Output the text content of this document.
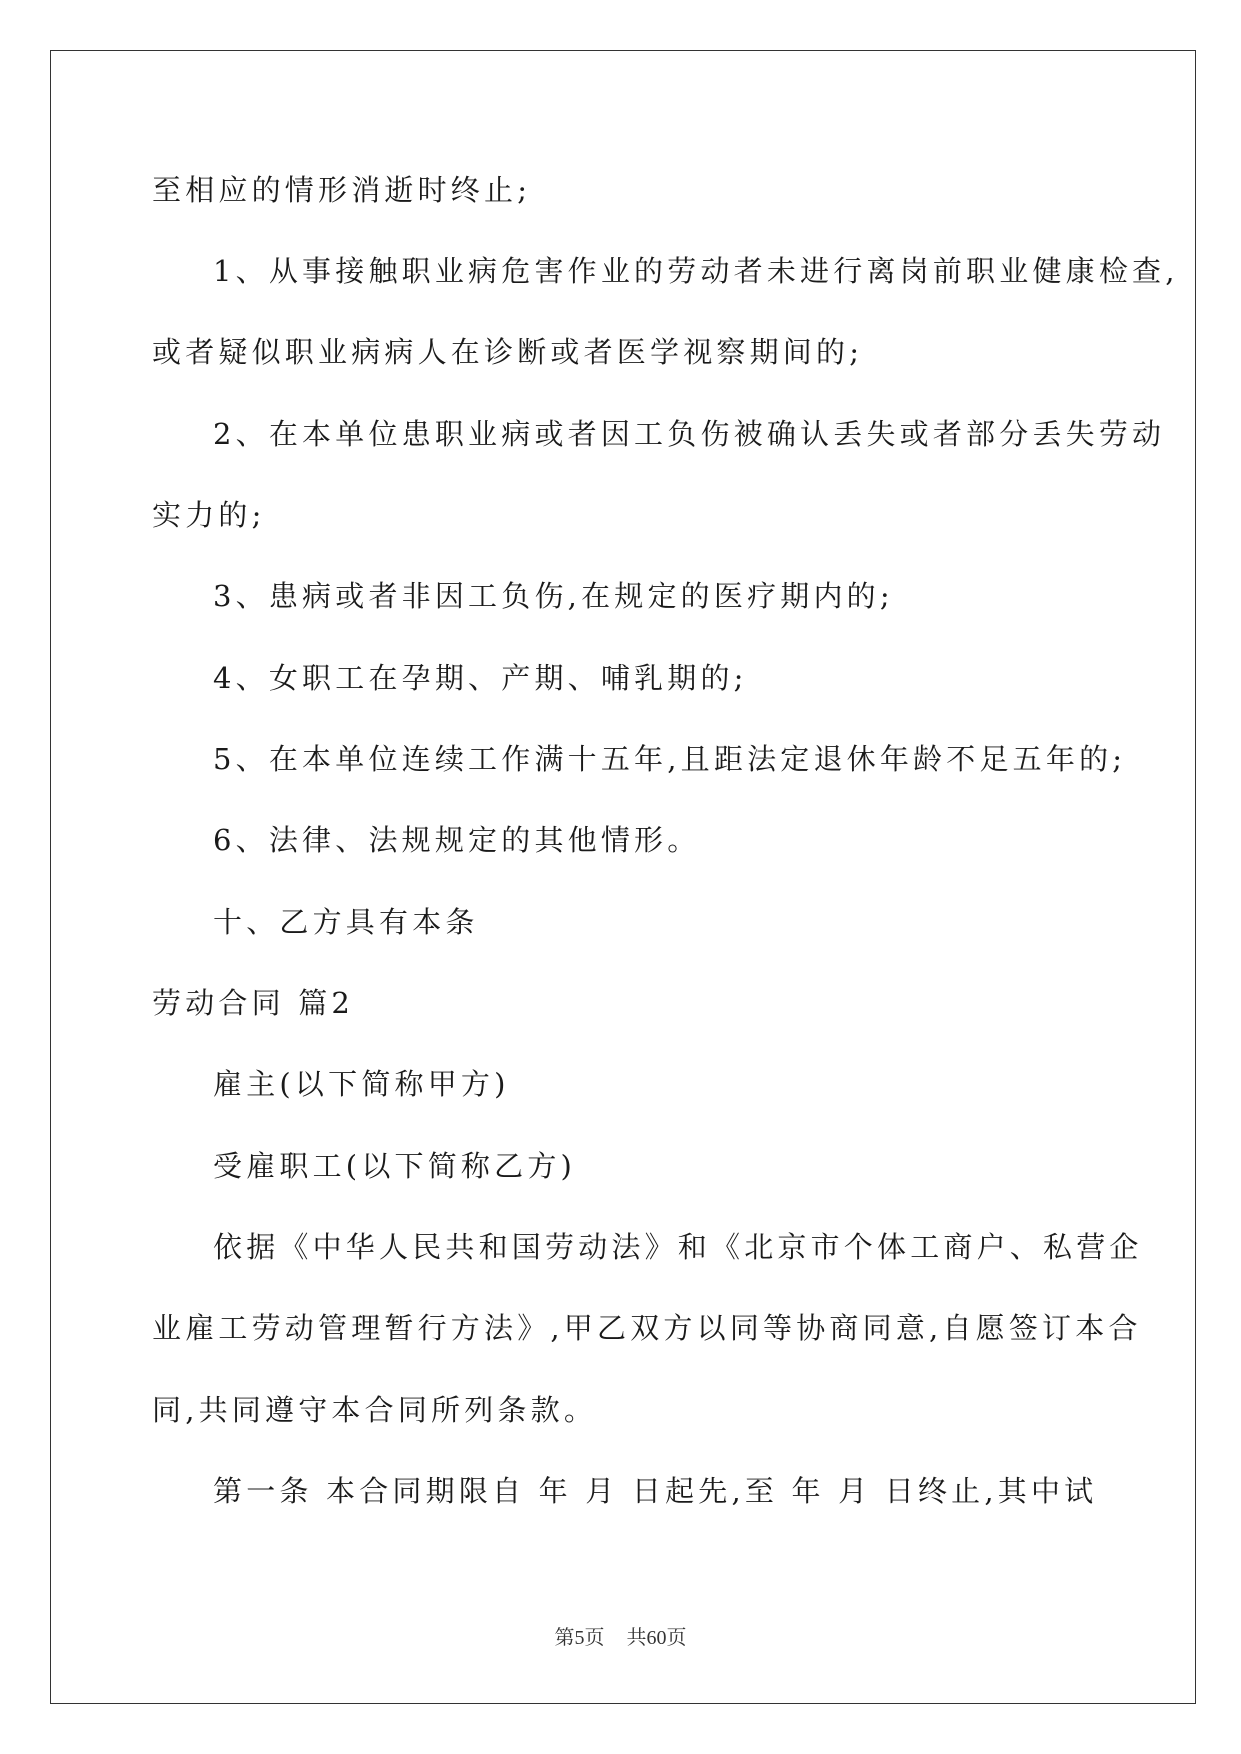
至相应的情形消逝时终止;
1、从事接触职业病危害作业的劳动者未进行离岗前职业健康检查,
或者疑似职业病病人在诊断或者医学视察期间的;
2、在本单位患职业病或者因工负伤被确认丢失或者部分丢失劳动
实力的;
3、患病或者非因工负伤,在规定的医疗期内的;
4、女职工在孕期、产期、哺乳期的;
5、在本单位连续工作满十五年,且距法定退休年龄不足五年的;
6、法律、法规规定的其他情形。
十、乙方具有本条
劳动合同 篇2
雇主(以下简称甲方)
受雇职工(以下简称乙方)
依据《中华人民共和国劳动法》和《北京市个体工商户、私营企
业雇工劳动管理暂行方法》,甲乙双方以同等协商同意,自愿签订本合
同,共同遵守本合同所列条款。
第一条 本合同期限自 年 月 日起先,至 年 月 日终止,其中试
第5页 共60页
